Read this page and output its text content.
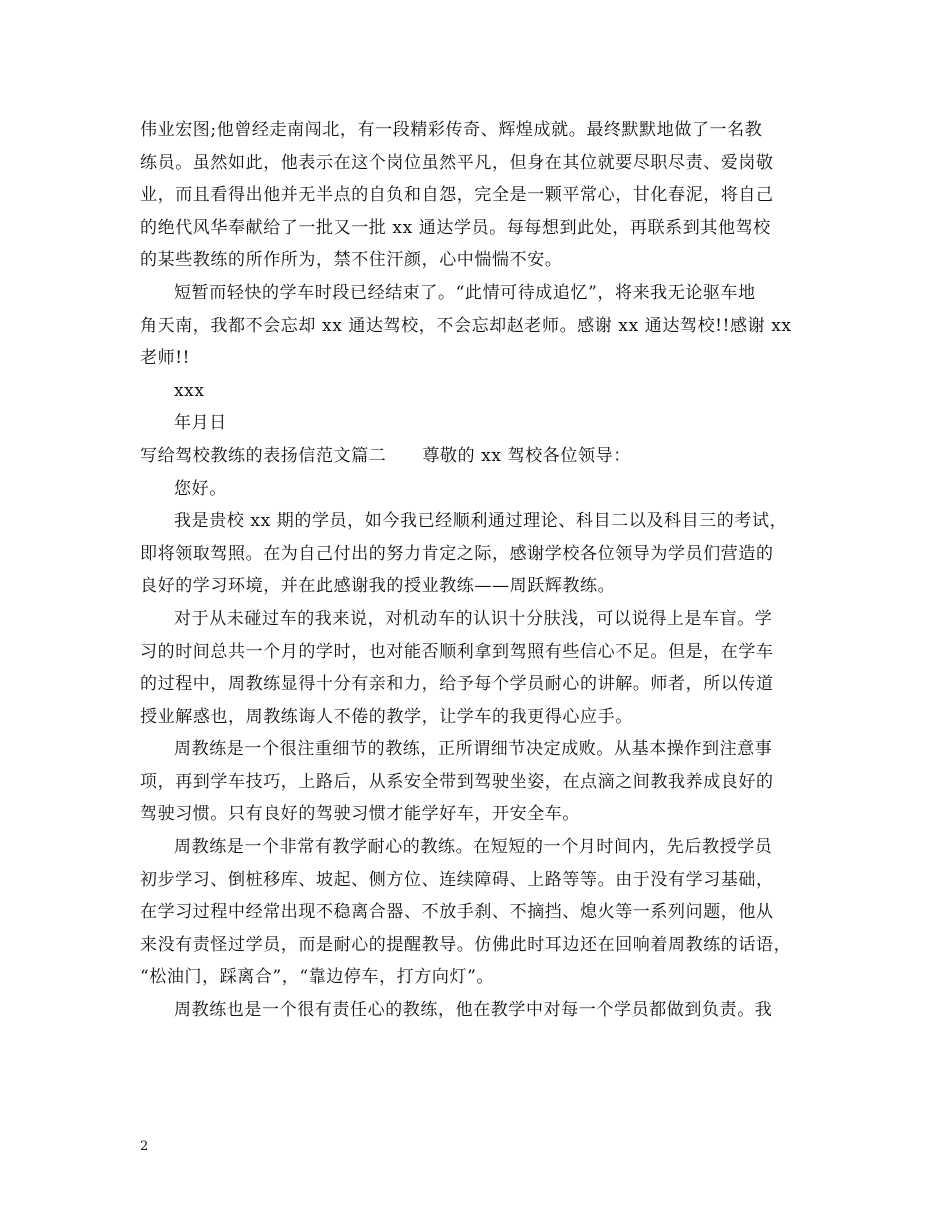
伟业宏图;他曾经走南闯北，有一段精彩传奇、辉煌成就。最终默默地做了一名教
练员。虽然如此，他表示在这个岗位虽然平凡，但身在其位就要尽职尽责、爱岗敬
业，而且看得出他并无半点的自负和自怨，完全是一颗平常心，甘化春泥，将自己
的绝代风华奉献给了一批又一批 xx 通达学员。每每想到此处，再联系到其他驾校
的某些教练的所作所为，禁不住汗颜，心中惴惴不安。
短暂而轻快的学车时段已经结束了。“此情可待成追忆”，将来我无论驱车地
角天南，我都不会忘却 xx 通达驾校，不会忘却赵老师。感谢 xx 通达驾校!!感谢 xx
老师!!
xxx
年月日
写给驾校教练的表扬信范文篇二 尊敬的 xx 驾校各位领导：
您好。
我是贵校 xx 期的学员，如今我已经顺利通过理论、科目二以及科目三的考试，
即将领取驾照。在为自己付出的努力肯定之际，感谢学校各位领导为学员们营造的
良好的学习环境，并在此感谢我的授业教练——周跃辉教练。
对于从未碰过车的我来说，对机动车的认识十分肤浅，可以说得上是车盲。学
习的时间总共一个月的学时，也对能否顺利拿到驾照有些信心不足。但是，在学车
的过程中，周教练显得十分有亲和力，给予每个学员耐心的讲解。师者，所以传道
授业解惑也，周教练诲人不倦的教学，让学车的我更得心应手。
周教练是一个很注重细节的教练，正所谓细节决定成败。从基本操作到注意事
项，再到学车技巧，上路后，从系安全带到驾驶坐姿，在点滴之间教我养成良好的
驾驶习惯。只有良好的驾驶习惯才能学好车，开安全车。
周教练是一个非常有教学耐心的教练。在短短的一个月时间内，先后教授学员
初步学习、倒桩移库、坡起、侧方位、连续障碍、上路等等。由于没有学习基础，
在学习过程中经常出现不稳离合器、不放手刹、不摘挡、熄火等一系列问题，他从
来没有责怪过学员，而是耐心的提醒教导。仿佛此时耳边还在回响着周教练的话语，
“松油门，踩离合”，“靠边停车，打方向灯”。
周教练也是一个很有责任心的教练，他在教学中对每一个学员都做到负责。我
2
